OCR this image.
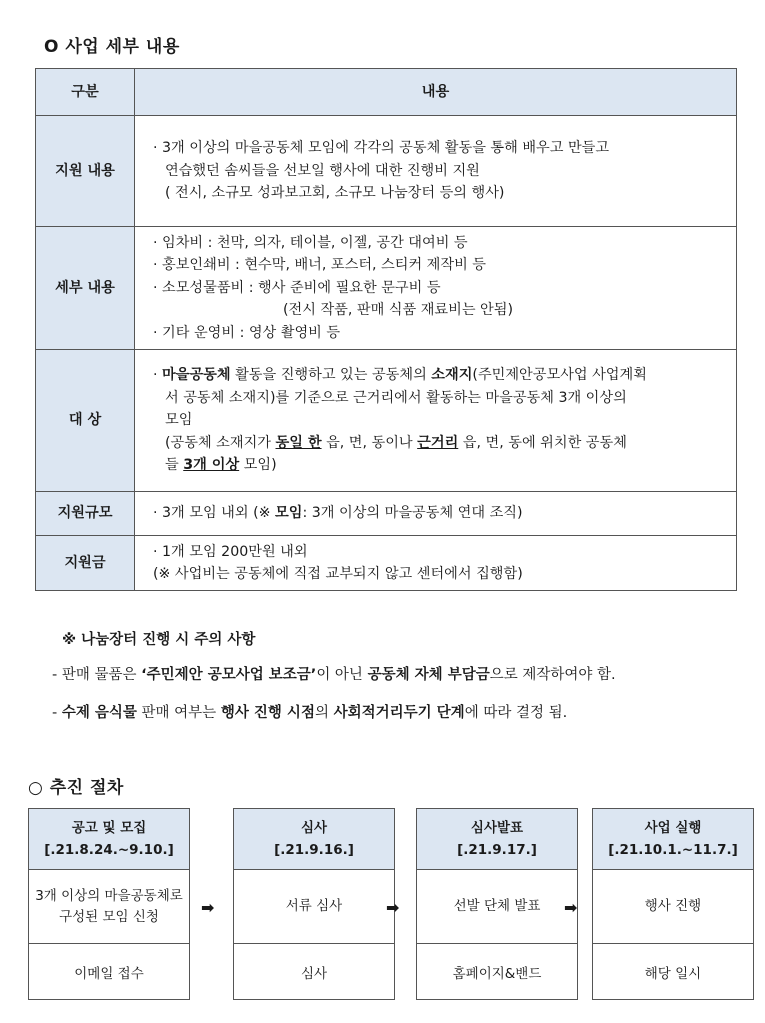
O 사업 세부 내용
구분	내용
지원 내용	· 3개 이상의 마을공동체 모임에 각각의 공동체 활동을 통해 배우고 만들고
연습했던 솜씨들을 선보일 행사에 대한 진행비 지원
( 전시, 소규모 성과보고회, 소규모 나눔장터 등의 행사)

세부 내용	· 임차비 : 천막, 의자, 테이블, 이젤, 공간 대여비 등
· 홍보인쇄비 : 현수막, 배너, 포스터, 스티커 제작비 등
· 소모성물품비 : 행사 준비에 필요한 문구비 등
(전시 작품, 판매 식품 재료비는 안됨)
· 기타 운영비 : 영상 촬영비 등

대 상	· 마을공동체 활동을 진행하고 있는 공동체의 소재지(주민제안공모사업 사업계획
서 공동체 소재지)를 기준으로 근거리에서 활동하는 마을공동체 3개 이상의
모임
(공동체 소재지가 동일 한 읍, 면, 동이나 근거리 읍, 면, 동에 위치한 공동체
들 3개 이상 모임)

지원규모	· 3개 모임 내외 (※ 모임: 3개 이상의 마을공동체 연대 조직)

지원금	· 1개 모임 200만원 내외
(※ 사업비는 공동체에 직접 교부되지 않고 센터에서 집행함)
※ 나눔장터 진행 시 주의 사항
- 판매 물품은 ‘주민제안 공모사업 보조금’이 아닌 공동체 자체 부담금으로 제작하여야 함.
- 수제 음식물 판매 여부는 행사 진행 시점의 사회적거리두기 단계에 따라 결정 됨.
○ 추진 절차
공고 및 모집
[.21.8.24.~9.10.]
3개 이상의 마을공동체로
구성된 모임 신청
이메일 접수
➡
심사
[.21.9.16.]
서류 심사
심사
➡
심사발표
[.21.9.17.]
선발 단체 발표
홈페이지&밴드
➡
사업 실행
[.21.10.1.~11.7.]
행사 진행
해당 일시
